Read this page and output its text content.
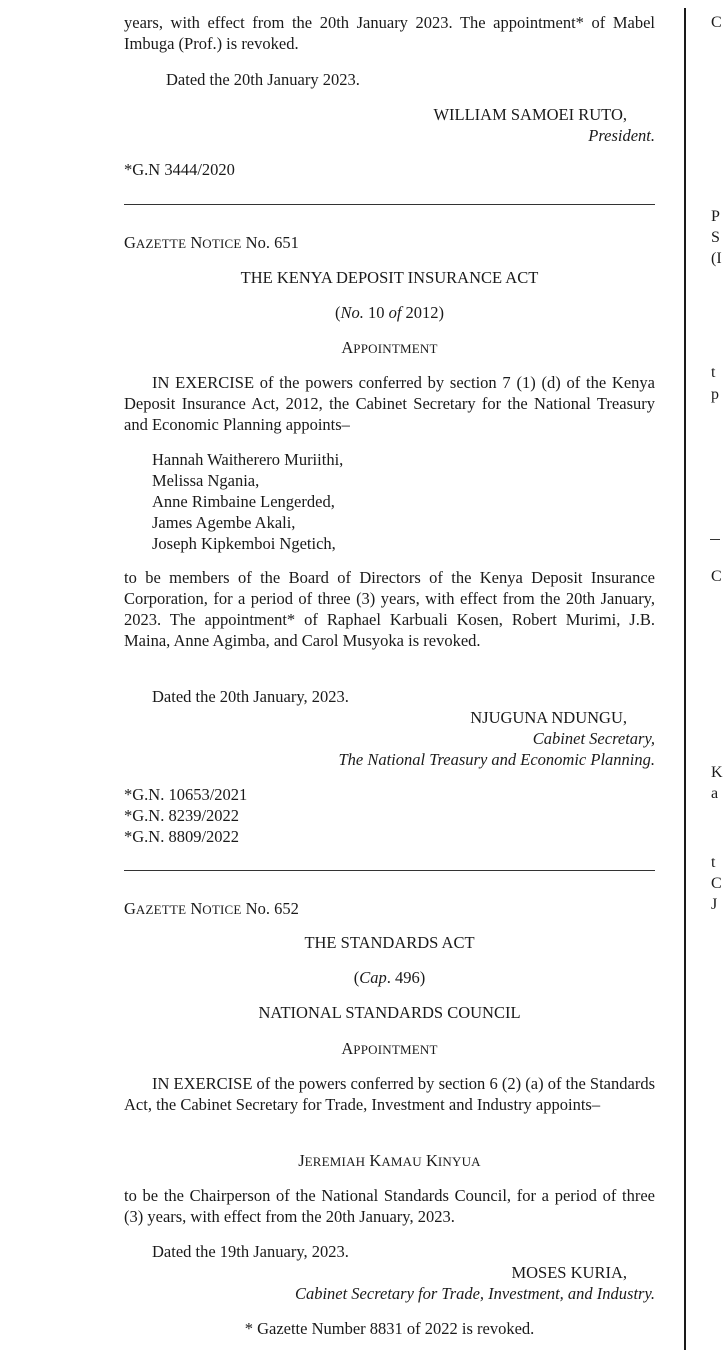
years, with effect from the 20th January 2023. The appointment* of Mabel Imbuga (Prof.) is revoked.
Dated the 20th January 2023.
WILLIAM SAMOEI RUTO,
President.
*G.N 3444/2020
GAZETTE NOTICE No. 651
THE KENYA DEPOSIT INSURANCE ACT
(No. 10 of 2012)
APPOINTMENT
IN EXERCISE of the powers conferred by section 7 (1) (d) of the Kenya Deposit Insurance Act, 2012, the Cabinet Secretary for the National Treasury and Economic Planning appoints–
Hannah Waitherero Muriithi,
Melissa Ngania,
Anne Rimbaine Lengerded,
James Agembe Akali,
Joseph Kipkemboi Ngetich,
to be members of the Board of Directors of the Kenya Deposit Insurance Corporation, for a period of three (3) years, with effect from the 20th January, 2023. The appointment* of Raphael Karbuali Kosen, Robert Murimi, J.B. Maina, Anne Agimba, and Carol Musyoka is revoked.
Dated the 20th January, 2023.
NJUGUNA NDUNGU,
Cabinet Secretary,
The National Treasury and Economic Planning.
*G.N. 10653/2021
*G.N. 8239/2022
*G.N. 8809/2022
GAZETTE NOTICE No. 652
THE STANDARDS ACT
(Cap. 496)
NATIONAL STANDARDS COUNCIL
APPOINTMENT
IN EXERCISE of the powers conferred by section 6 (2) (a) of the Standards Act, the Cabinet Secretary for Trade, Investment and Industry appoints–
JEREMIAH KAMAU KINYUA
to be the Chairperson of the National Standards Council, for a period of three (3) years, with effect from the 20th January, 2023.
Dated the 19th January, 2023.
MOSES KURIA,
Cabinet Secretary for Trade, Investment, and Industry.
* Gazette Number 8831 of 2022 is revoked.
C
P
S
(I
t
p
C
K
a
t
C
J
